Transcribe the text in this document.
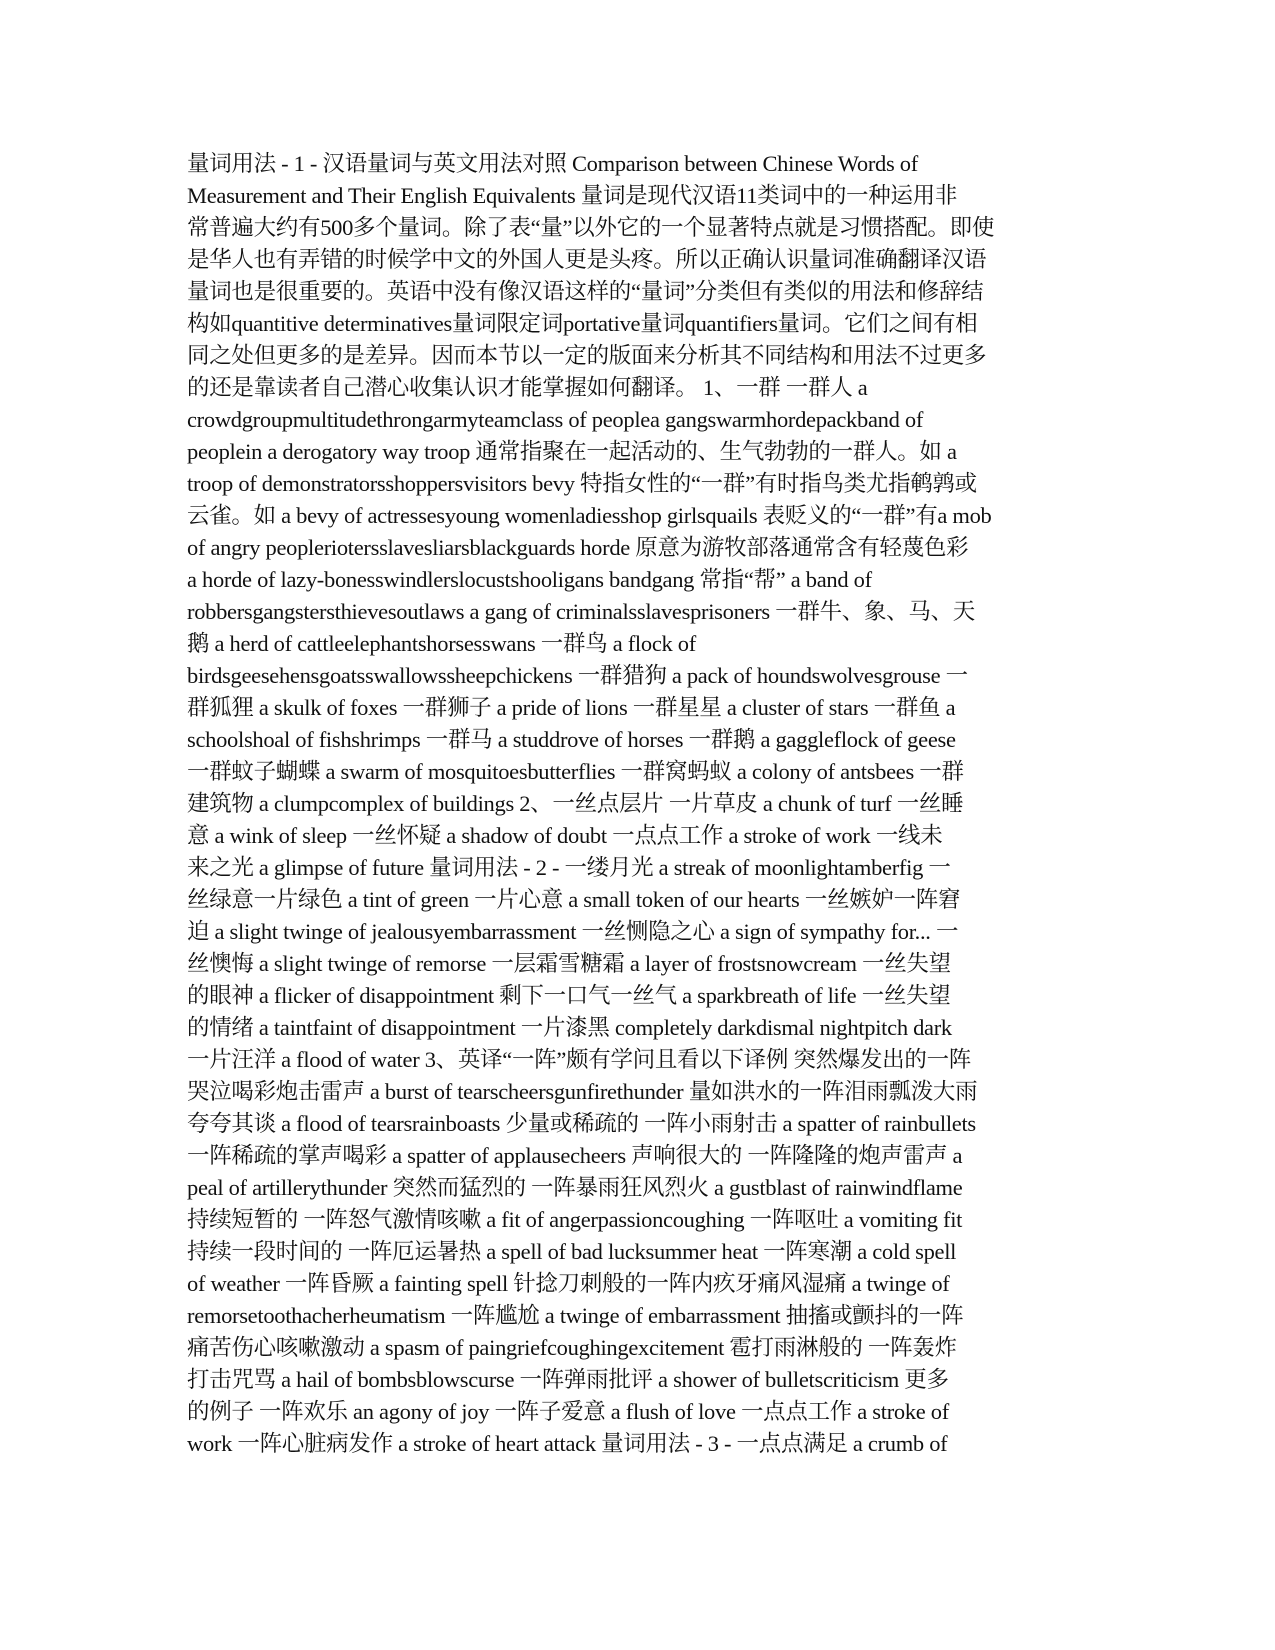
量词用法 - 1 - 汉语量词与英文用法对照 Comparison between Chinese Words of
Measurement and Their English Equivalents 量词是现代汉语11类词中的一种运用非
常普遍大约有500多个量词。除了表“量”以外它的一个显著特点就是习惯搭配。即使
是华人也有弄错的时候学中文的外国人更是头疼。所以正确认识量词准确翻译汉语
量词也是很重要的。英语中没有像汉语这样的“量词”分类但有类似的用法和修辞结
构如quantitive determinatives量词限定词portative量词quantifiers量词。它们之间有相
同之处但更多的是差异。因而本节以一定的版面来分析其不同结构和用法不过更多
的还是靠读者自己潜心收集认识才能掌握如何翻译。 1、一群 一群人 a
crowdgroupmultitudethrongarmyteamclass of peoplea gangswarmhordepackband of
peoplein a derogatory way troop 通常指聚在一起活动的、生气勃勃的一群人。如 a
troop of demonstratorsshoppersvisitors bevy 特指女性的“一群”有时指鸟类尤指鹌鹑或
云雀。如 a bevy of actressesyoung womenladiesshop girlsquails 表贬义的“一群”有a mob
of angry peopleriotersslavesliarsblackguards horde 原意为游牧部落通常含有轻蔑色彩
a horde of lazy-bonesswindlerslocustshooligans bandgang 常指“帮” a band of
robbersgangstersthievesoutlaws a gang of criminalsslavesprisoners 一群牛、象、马、天
鹅 a herd of cattleelephantshorsesswans 一群鸟 a flock of
birdsgeesehensgoatsswallowssheepchickens 一群猎狗 a pack of houndswolvesgrouse 一
群狐狸 a skulk of foxes 一群狮子 a pride of lions 一群星星 a cluster of stars 一群鱼 a
schoolshoal of fishshrimps 一群马 a studdrove of horses 一群鹅 a gaggleflock of geese
一群蚊子蝴蝶 a swarm of mosquitoesbutterflies 一群窝蚂蚁 a colony of antsbees 一群
建筑物 a clumpcomplex of buildings 2、一丝点层片 一片草皮 a chunk of turf 一丝睡
意 a wink of sleep 一丝怀疑 a shadow of doubt 一点点工作 a stroke of work 一线未
来之光 a glimpse of future 量词用法 - 2 - 一缕月光 a streak of moonlightamberfig 一
丝绿意一片绿色 a tint of green 一片心意 a small token of our hearts 一丝嫉妒一阵窘
迫 a slight twinge of jealousyembarrassment 一丝恻隐之心 a sign of sympathy for... 一
丝懊悔 a slight twinge of remorse 一层霜雪糖霜 a layer of frostsnowcream 一丝失望
的眼神 a flicker of disappointment 剩下一口气一丝气 a sparkbreath of life 一丝失望
的情绪 a taintfaint of disappointment 一片漆黑 completely darkdismal nightpitch dark
一片汪洋 a flood of water 3、英译“一阵”颇有学问且看以下译例 突然爆发出的一阵
哭泣喝彩炮击雷声 a burst of tearscheersgunfirethunder 量如洪水的一阵泪雨瓢泼大雨
夸夸其谈 a flood of tearsrainboasts 少量或稀疏的 一阵小雨射击 a spatter of rainbullets
一阵稀疏的掌声喝彩 a spatter of applausecheers 声响很大的 一阵隆隆的炮声雷声 a
peal of artillerythunder 突然而猛烈的 一阵暴雨狂风烈火 a gustblast of rainwindflame
持续短暂的 一阵怒气激情咳嗽 a fit of angerpassioncoughing 一阵呕吐 a vomiting fit
持续一段时间的 一阵厄运暑热 a spell of bad lucksummer heat 一阵寒潮 a cold spell
of weather 一阵昏厥 a fainting spell 针捻刀刺般的一阵内疚牙痛风湿痛 a twinge of
remorsetoothacherheumatism 一阵尴尬 a twinge of embarrassment 抽搐或颤抖的一阵
痛苦伤心咳嗽激动 a spasm of paingriefcoughingexcitement 雹打雨淋般的 一阵轰炸
打击咒骂 a hail of bombsblowscurse 一阵弹雨批评 a shower of bulletscriticism 更多
的例子 一阵欢乐 an agony of joy 一阵子爱意 a flush of love 一点点工作 a stroke of
work 一阵心脏病发作 a stroke of heart attack 量词用法 - 3 - 一点点满足 a crumb of
